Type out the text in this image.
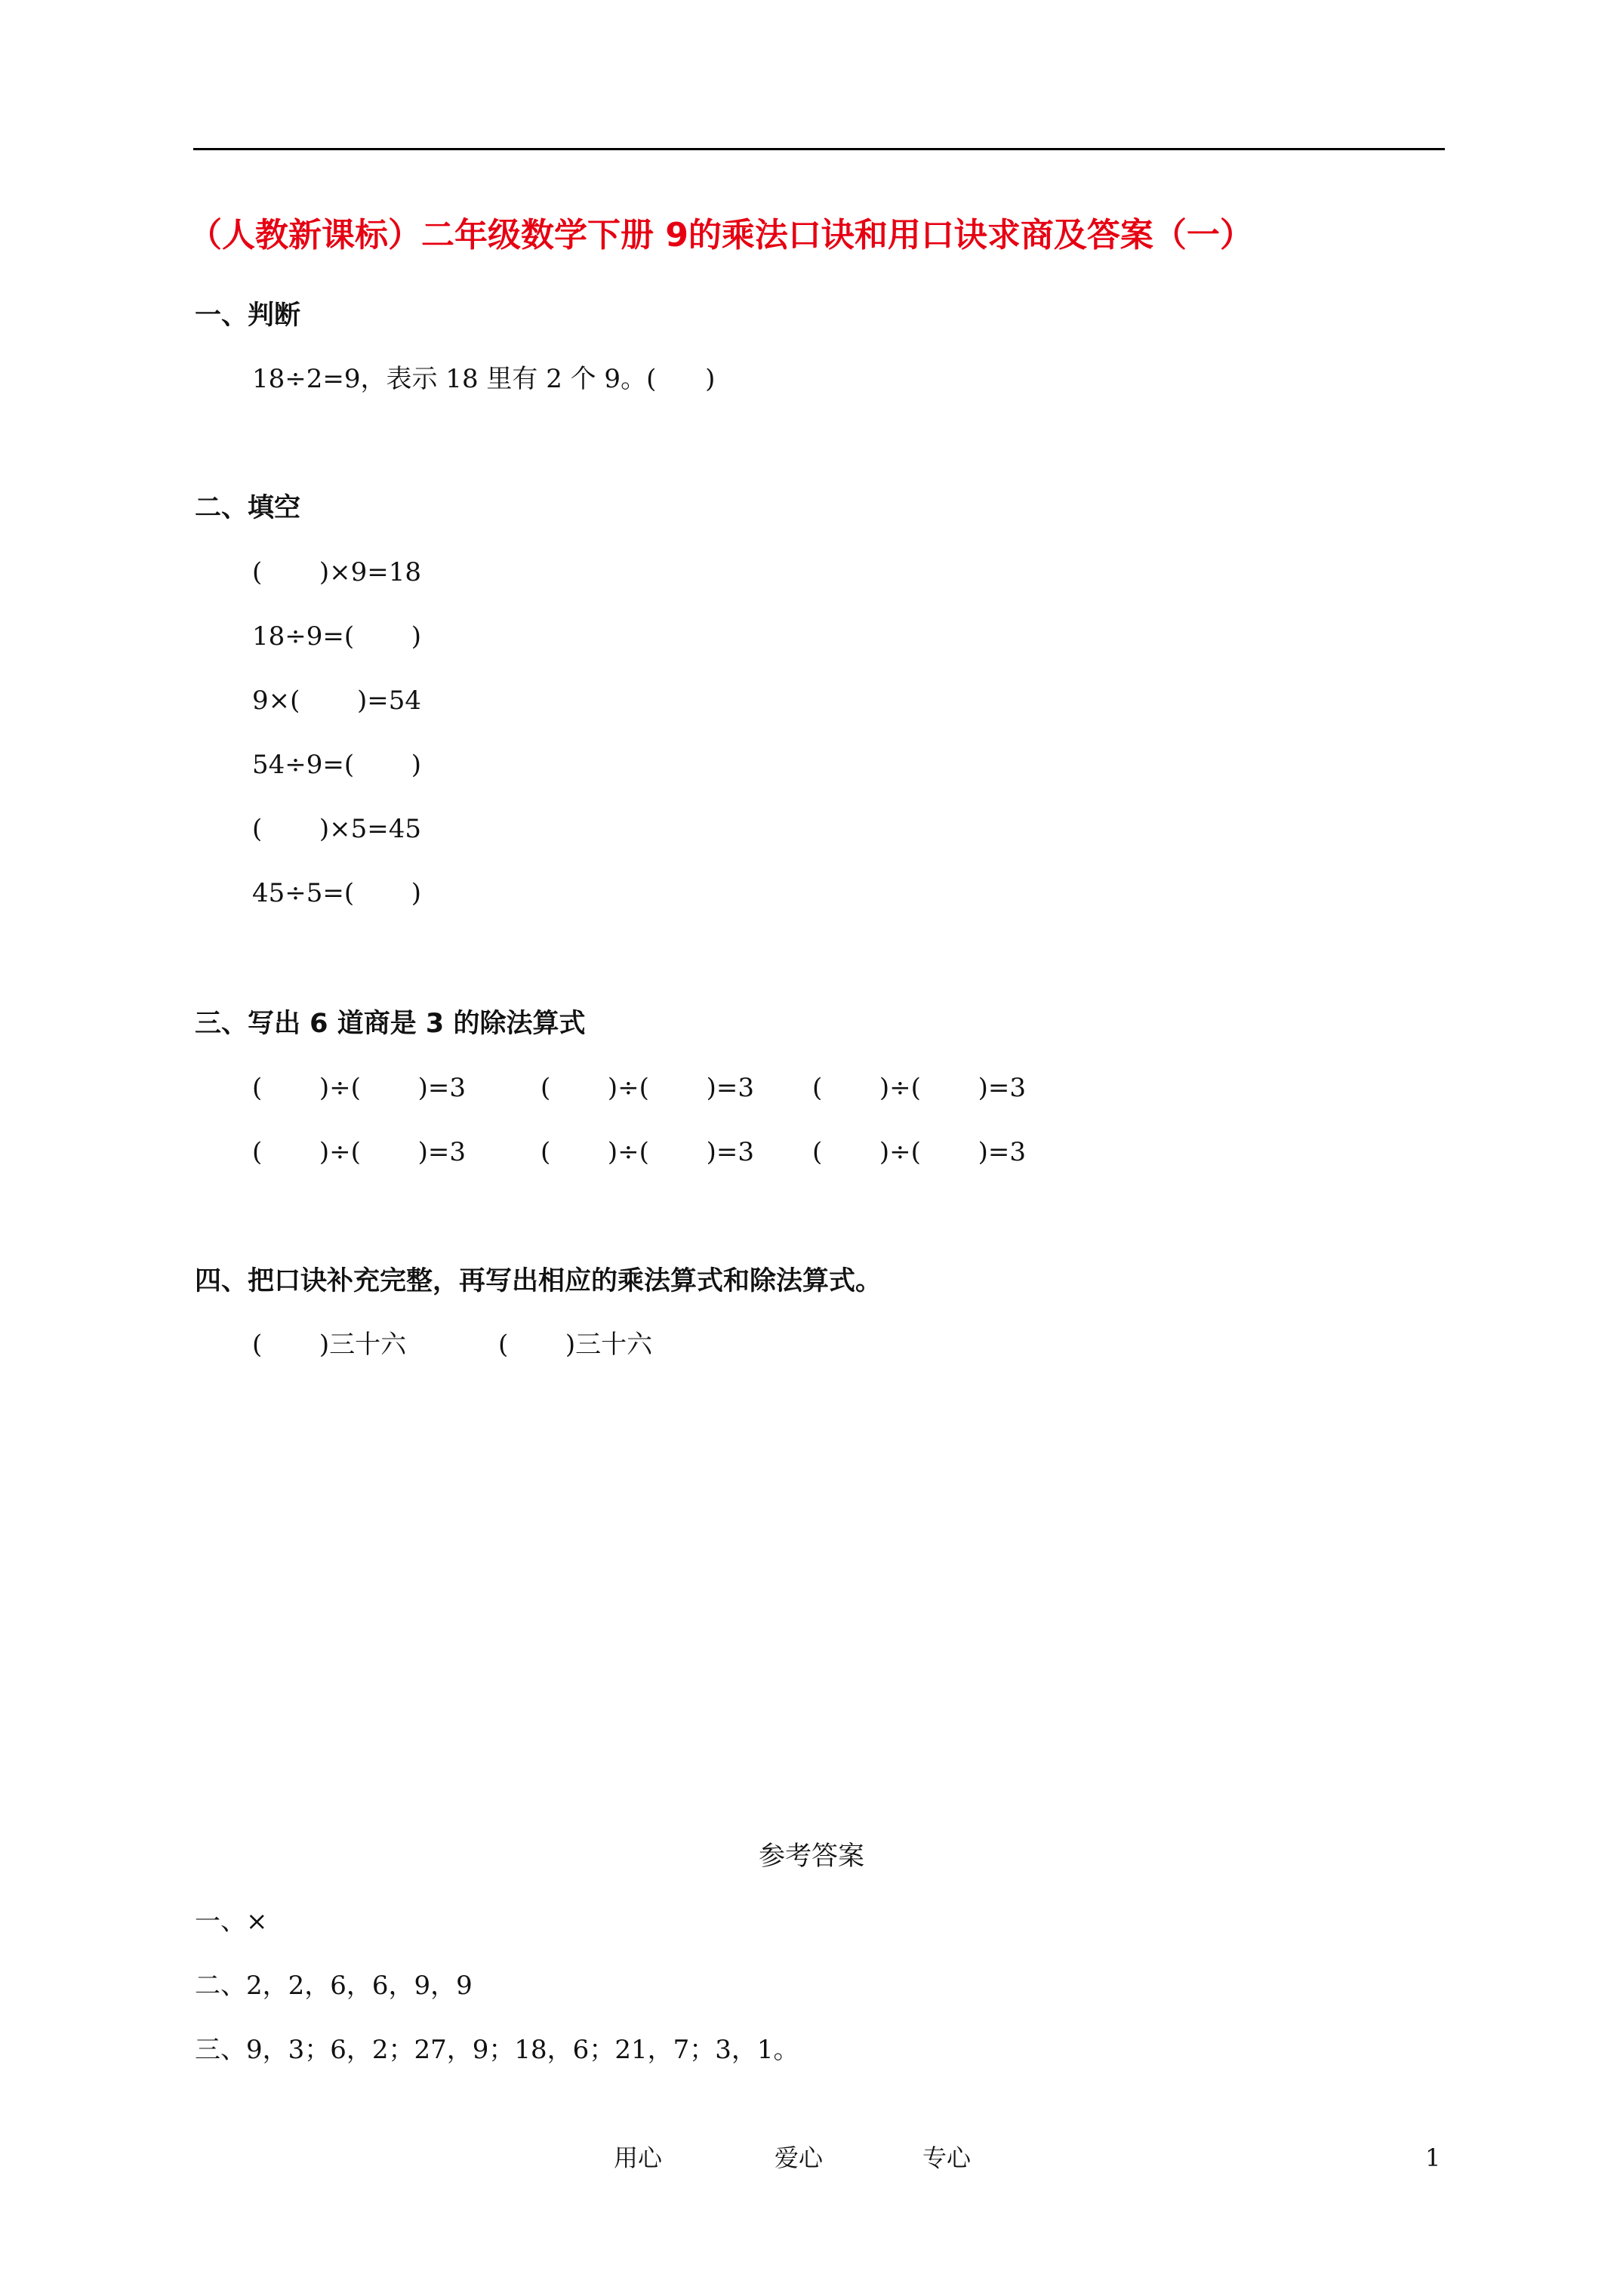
（人教新课标）二年级数学下册 9的乘法口诀和用口诀求商及答案（一）
一、判断
18÷2=9，表示 18 里有 2 个 9。(      )
二、填空
(       )×9=18
18÷9=(       )
9×(       )=54
54÷9=(       )
(       )×5=45
45÷5=(       )
三、写出 6 道商是 3 的除法算式
(       )÷(       )=3	(       )÷(       )=3 (       )÷(       )=3
(       )÷(       )=3	(       )÷(       )=3 (       )÷(       )=3
四、把口诀补充完整，再写出相应的乘法算式和除法算式。
(       )三十六	(       )三十六
参考答案
一、×
二、2，2，6，6，9，9
三、9，3；6，2；27，9；18，6；21，7；3，1。
用心	爱心	专心	1
